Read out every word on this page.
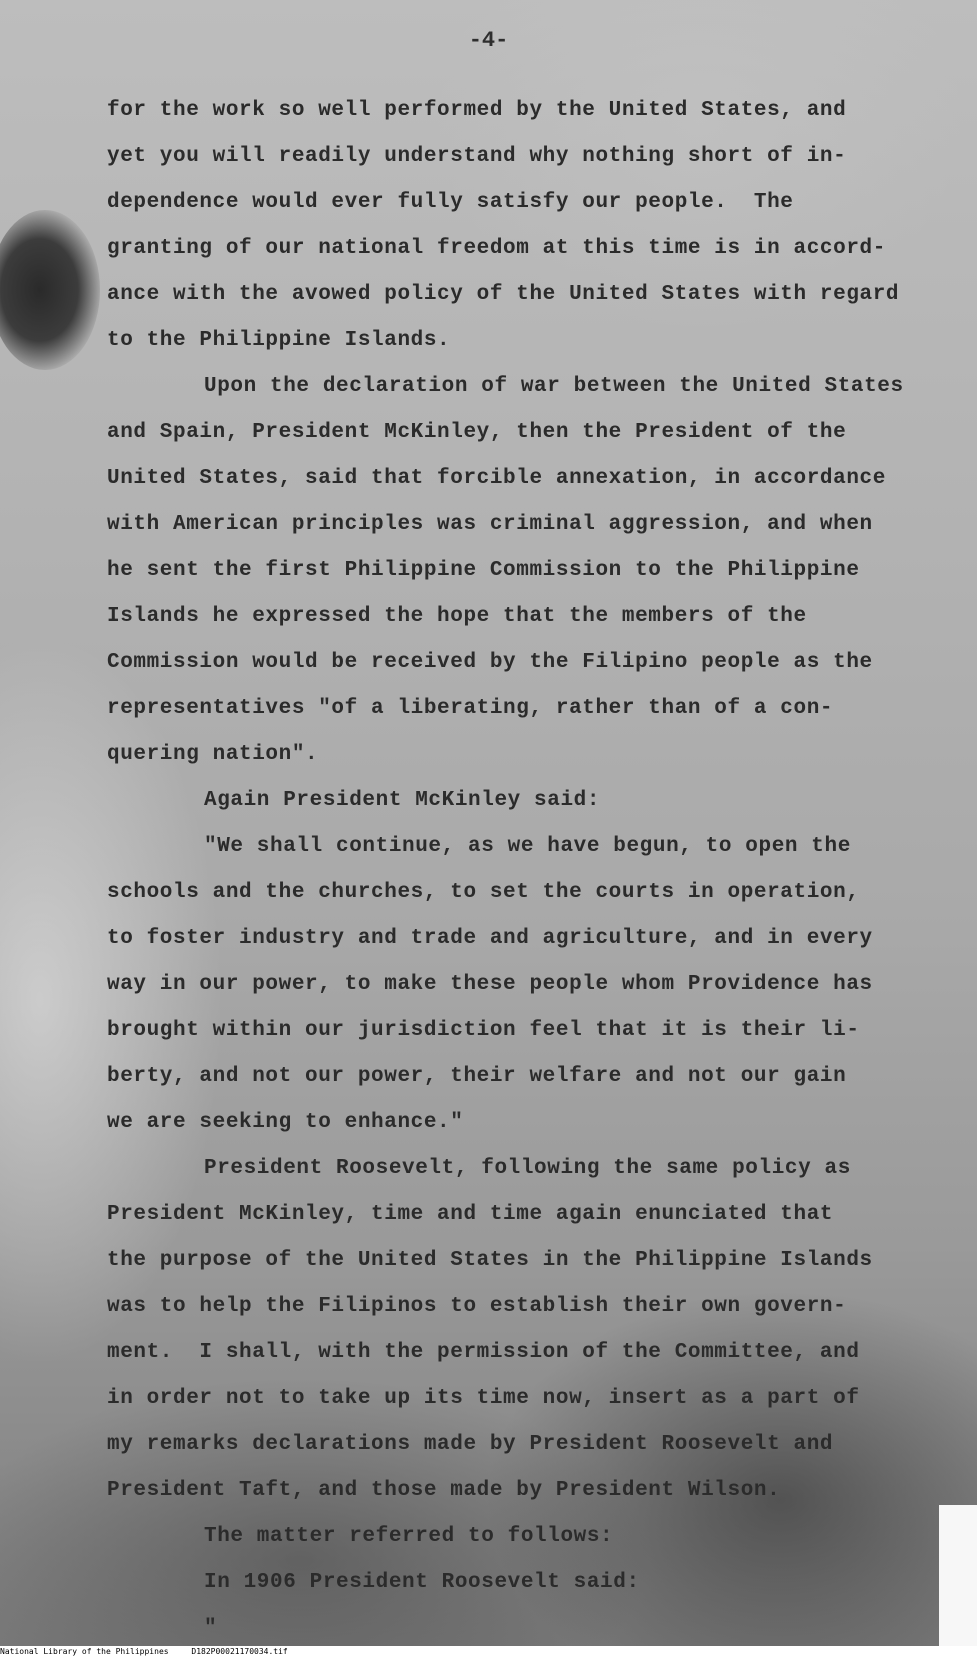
-4-
for the work so well performed by the United States, and
yet you will readily understand why nothing short of in-
dependence would ever fully satisfy our people.  The
granting of our national freedom at this time is in accord-
ance with the avowed policy of the United States with regard
to the Philippine Islands.
Upon the declaration of war between the United States
and Spain, President McKinley, then the President of the
United States, said that forcible annexation, in accordance
with American principles was criminal aggression, and when
he sent the first Philippine Commission to the Philippine
Islands he expressed the hope that the members of the
Commission would be received by the Filipino people as the
representatives "of a liberating, rather than of a con-
quering nation".
Again President McKinley said:
"We shall continue, as we have begun, to open the
schools and the churches, to set the courts in operation,
to foster industry and trade and agriculture, and in every
way in our power, to make these people whom Providence has
brought within our jurisdiction feel that it is their li-
berty, and not our power, their welfare and not our gain
we are seeking to enhance."
President Roosevelt, following the same policy as
President McKinley, time and time again enunciated that
the purpose of the United States in the Philippine Islands
was to help the Filipinos to establish their own govern-
ment.  I shall, with the permission of the Committee, and
in order not to take up its time now, insert as a part of
my remarks declarations made by President Roosevelt and
President Taft, and those made by President Wilson.
The matter referred to follows:
In 1906 President Roosevelt said:
"
National Library of the Philippines	D182P00021170034.tif
